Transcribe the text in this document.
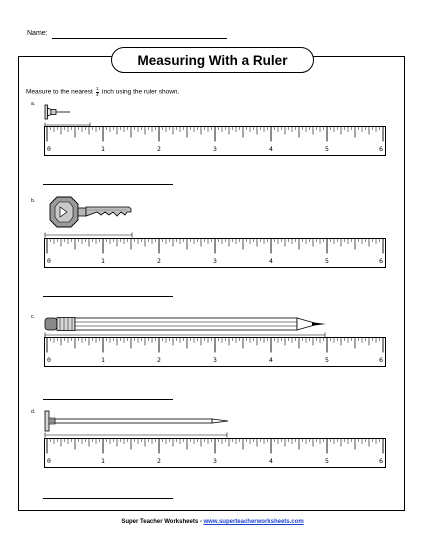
Name:
Measuring With a Ruler
Measure to the nearest $\frac{1}{4}$ inch using the ruler shown.
a.
0	1	2	3	4	5	6
b.
0	1	2	3	4	5	6
c.
0	1	2	3	4	5	6
d.
0	1	2	3	4	5	6
Super Teacher Worksheets - www.superteacherworksheets.com
